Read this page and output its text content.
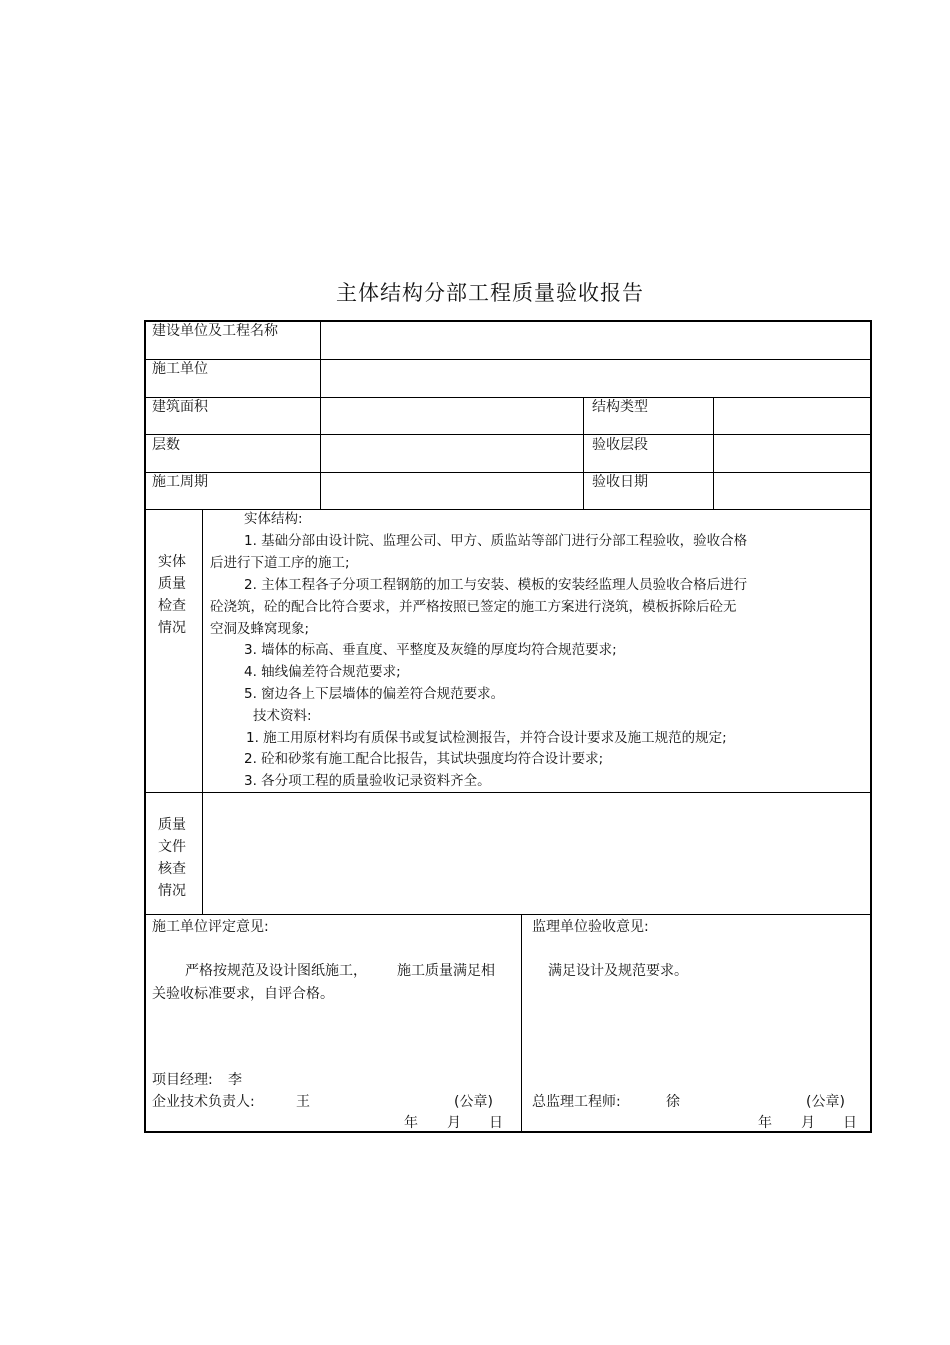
主体结构分部工程质量验收报告
建设单位及工程名称
施工单位
建筑面积	结构类型
层数	验收层段
施工周期	验收日期
实体
质量
检查
情况
实体结构:
1. 基础分部由设计院、监理公司、甲方、质监站等部门进行分部工程验收，验收合格
后进行下道工序的施工;
2. 主体工程各子分项工程钢筋的加工与安装、模板的安装经监理人员验收合格后进行
砼浇筑，砼的配合比符合要求，并严格按照已签定的施工方案进行浇筑，模板拆除后砼无
空洞及蜂窝现象;
3. 墙体的标高、垂直度、平整度及灰缝的厚度均符合规范要求;
4. 轴线偏差符合规范要求;
5. 窗边各上下层墙体的偏差符合规范要求。
技术资料:
1. 施工用原材料均有质保书或复试检测报告，并符合设计要求及施工规范的规定;
2. 砼和砂浆有施工配合比报告，其试块强度均符合设计要求;
3. 各分项工程的质量验收记录资料齐全。
质量
文件
核查
情况
施工单位评定意见:
严格按规范及设计图纸施工， 施工质量满足相
关验收标准要求，自评合格。
项目经理: 李
企业技术负责人:	王	(公章)
年 月 日
监理单位验收意见:
满足设计及规范要求。
总监理工程师:	徐	(公章)
年 月 日
